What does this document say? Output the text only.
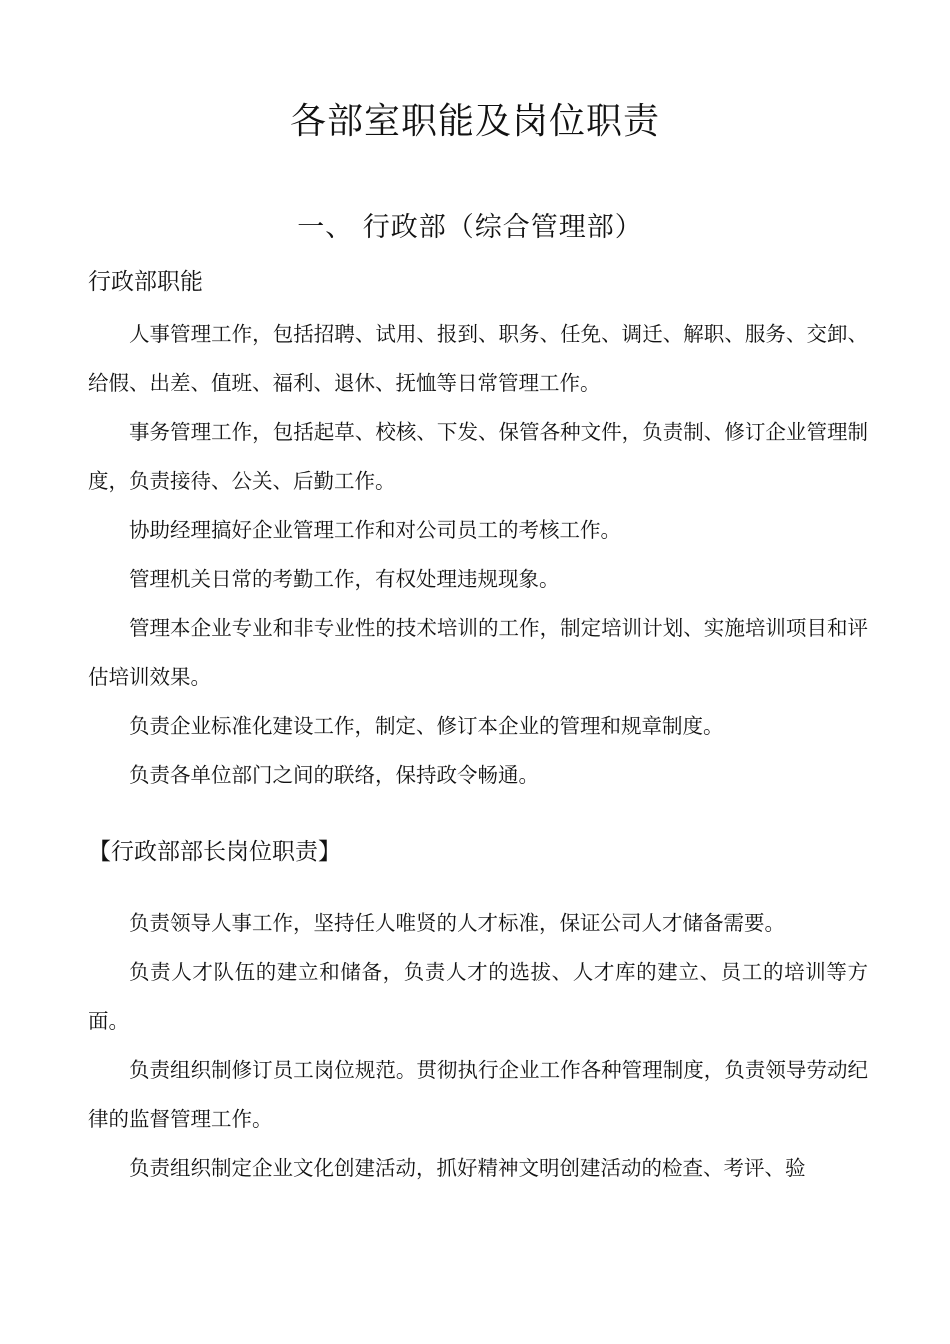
各部室职能及岗位职责
一、 行政部（综合管理部）
行政部职能

人事管理工作，包括招聘、试用、报到、职务、任免、调迁、解职、服务、交卸、给假、出差、值班、福利、退休、抚恤等日常管理工作。

事务管理工作，包括起草、校核、下发、保管各种文件，负责制、修订企业管理制度，负责接待、公关、后勤工作。

协助经理搞好企业管理工作和对公司员工的考核工作。

管理机关日常的考勤工作，有权处理违规现象。

管理本企业专业和非专业性的技术培训的工作，制定培训计划、实施培训项目和评估培训效果。

负责企业标准化建设工作，制定、修订本企业的管理和规章制度。

负责各单位部门之间的联络，保持政令畅通。

【行政部部长岗位职责】

负责领导人事工作，坚持任人唯贤的人才标准，保证公司人才储备需要。

负责人才队伍的建立和储备，负责人才的选拔、人才库的建立、员工的培训等方面。

负责组织制修订员工岗位规范。贯彻执行企业工作各种管理制度，负责领导劳动纪律的监督管理工作。

负责组织制定企业文化创建活动，抓好精神文明创建活动的检查、考评、验
